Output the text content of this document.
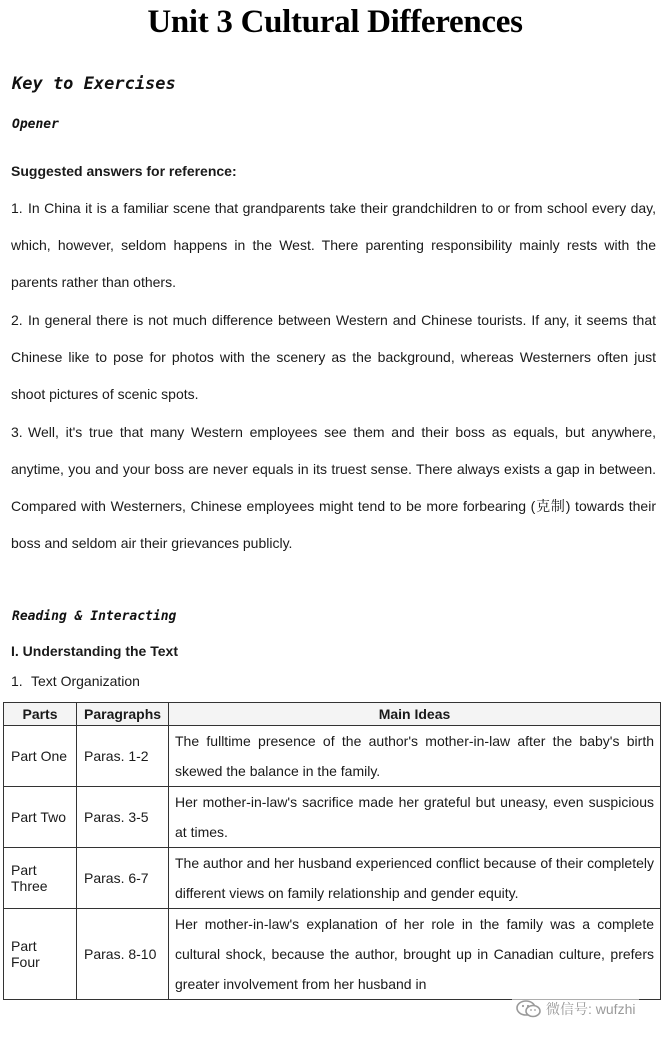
Unit 3 Cultural Differences
Key to Exercises
Opener
Suggested answers for reference:
1. In China it is a familiar scene that grandparents take their grandchildren to or from school every day, which, however, seldom happens in the West. There parenting responsibility mainly rests with the parents rather than others.
2. In general there is not much difference between Western and Chinese tourists. If any, it seems that Chinese like to pose for photos with the scenery as the background, whereas Westerners often just shoot pictures of scenic spots.
3. Well, it's true that many Western employees see them and their boss as equals, but anywhere, anytime, you and your boss are never equals in its truest sense. There always exists a gap in between. Compared with Westerners, Chinese employees might tend to be more forbearing (克制) towards their boss and seldom air their grievances publicly.
Reading & Interacting
I. Understanding the Text
1. Text Organization
Parts	Paragraphs	Main Ideas
Part One	Paras. 1-2	The fulltime presence of the author's mother-in-law after the baby's birth skewed the balance in the family.
Part Two	Paras. 3-5	Her mother-in-law's sacrifice made her grateful but uneasy, even suspicious at times.
Part Three	Paras. 6-7	The author and her husband experienced conflict because of their completely different views on family relationship and gender equity.
Part Four	Paras. 8-10	Her mother-in-law's explanation of her role in the family was a complete cultural shock, because the author, brought up in Canadian culture, prefers greater involvement from her husband in
微信号: wufzhi
